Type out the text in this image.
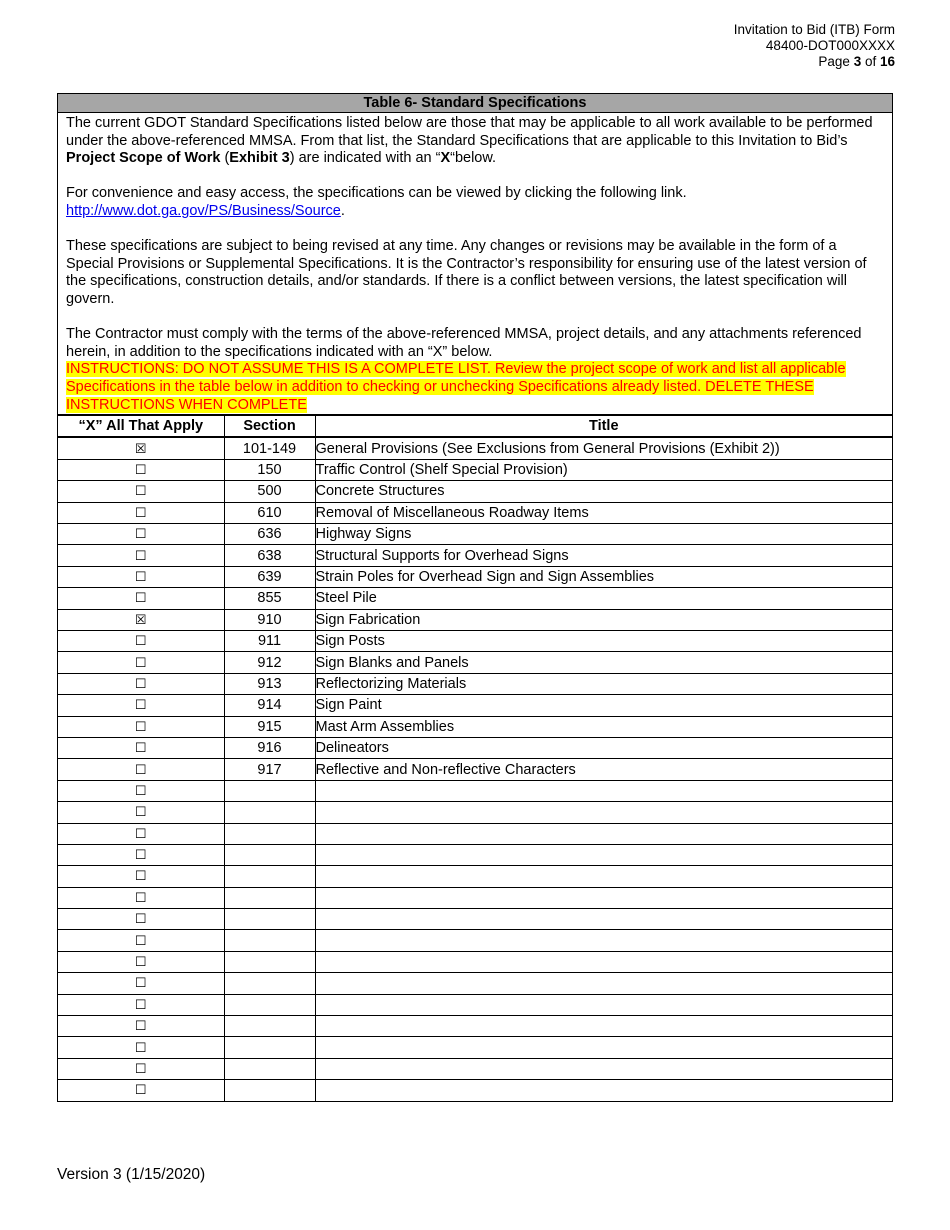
Invitation to Bid (ITB) Form
48400-DOT000XXXX
Page 3 of 16
Table 6- Standard Specifications

The current GDOT Standard Specifications listed below are those that may be applicable to all work available to be performed under the above-referenced MMSA. From that list, the Standard Specifications that are applicable to this Invitation to Bid’s Project Scope of Work (Exhibit 3) are indicated with an “X“below.

For convenience and easy access, the specifications can be viewed by clicking the following link.
http://www.dot.ga.gov/PS/Business/Source.

These specifications are subject to being revised at any time. Any changes or revisions may be available in the form of a Special Provisions or Supplemental Specifications. It is the Contractor’s responsibility for ensuring use of the latest version of the specifications, construction details, and/or standards. If there is a conflict between versions, the latest specification will govern.

The Contractor must comply with the terms of the above-referenced MMSA, project details, and any attachments referenced herein, in addition to the specifications indicated with an “X” below.
INSTRUCTIONS: DO NOT ASSUME THIS IS A COMPLETE LIST. Review the project scope of work and list all applicable Specifications in the table below in addition to checking or unchecking Specifications already listed. DELETE THESE INSTRUCTIONS WHEN COMPLETE

“X” All That Apply	Section	Title
☒	101-149	General Provisions (See Exclusions from General Provisions (Exhibit 2))
☐	150	Traffic Control (Shelf Special Provision)
☐	500	Concrete Structures
☐	610	Removal of Miscellaneous Roadway Items
☐	636	Highway Signs
☐	638	Structural Supports for Overhead Signs
☐	639	Strain Poles for Overhead Sign and Sign Assemblies
☐	855	Steel Pile
☒	910	Sign Fabrication
☐	911	Sign Posts
☐	912	Sign Blanks and Panels
☐	913	Reflectorizing Materials
☐	914	Sign Paint
☐	915	Mast Arm Assemblies
☐	916	Delineators
☐	917	Reflective and Non-reflective Characters
☐		
☐		
☐		
☐		
☐		
☐		
☐		
☐		
☐		
☐		
☐		
☐		
☐		
☐		
☐		
Version 3 (1/15/2020)
